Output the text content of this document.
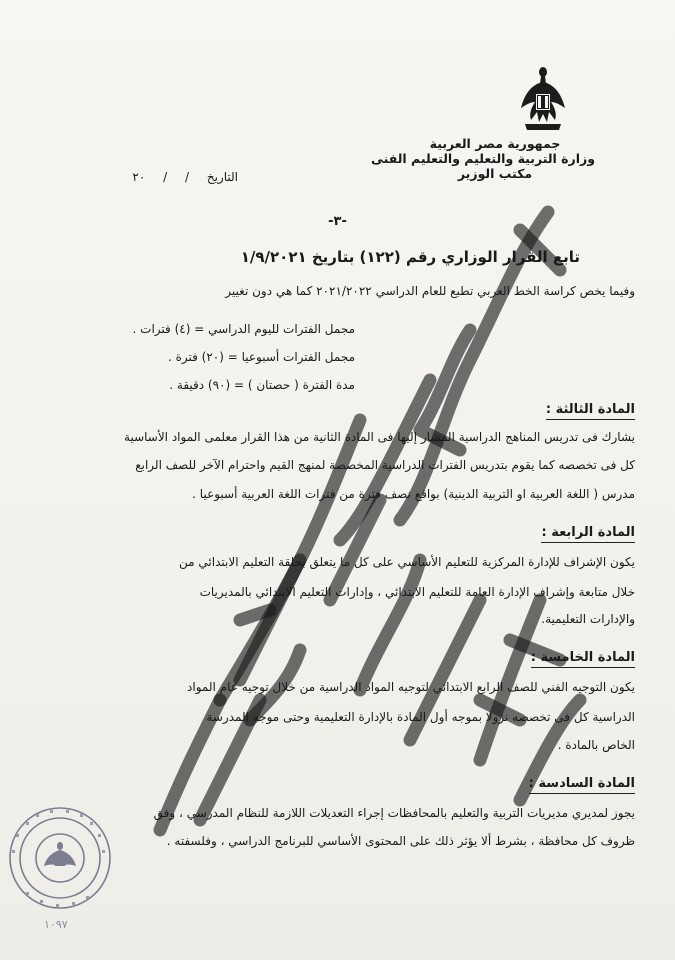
جمهورية مصر العربية
وزارة التربية والتعليم والتعليم الفنى
مكتب الوزير
التاريخ / / ٢٠
-٣-
تابع القرار الوزاري رقم (١٢٢) بتاريخ ١/٩/٢٠٢١
وفيما يخص كراسة الخط العربي تطبع للعام الدراسي ٢٠٢١/٢٠٢٢ كما هي دون تغيير
مجمل الفترات لليوم الدراسي = (٤) فترات .
مجمل الفترات أسبوعيا = (٢٠) فترة .
مدة الفترة ( حصتان ) = (٩٠) دقيقة .
المادة الثالثة :
يشارك فى تدريس المناهج الدراسية المشار إليها فى المادة الثانية من هذا القرار معلمى المواد الأساسية
كل فى تخصصه كما يقوم بتدريس الفترات الدراسية المخصصة لمنهج القيم واحترام الآخر للصف الرابع
مدرس ( اللغة العربية او التربية الدينية) بواقع نصف فترة من فترات اللغة العربية أسبوعيا .
المادة الرابعة :
يكون الإشراف للإدارة المركزية للتعليم الأساسي على كل ما يتعلق بحلقة التعليم الابتدائي من
خلال متابعة وإشراف الإدارة العامة للتعليم الابتدائي ، وإدارات التعليم الابتدائي بالمديريات
والإدارات التعليمية.
المادة الخامسة :
يكون التوجيه الفني للصف الرابع الابتدائي لتوجيه المواد الدراسية من خلال توجيه عام المواد
الدراسية كل فى تخصصه نزولا بموجه أول المادة بالإدارة التعليمية وحتى موجه المدرسة
الخاص بالمادة .
المادة السادسة :
يجوز لمديري مديريات التربية والتعليم بالمحافظات إجراء التعديلات اللازمة للنظام المدرسي ، وفق
ظروف كل محافظة ، بشرط ألا يؤثر ذلك على المحتوى الأساسي للبرنامج الدراسي ، وفلسفته .
١٠٩٧
